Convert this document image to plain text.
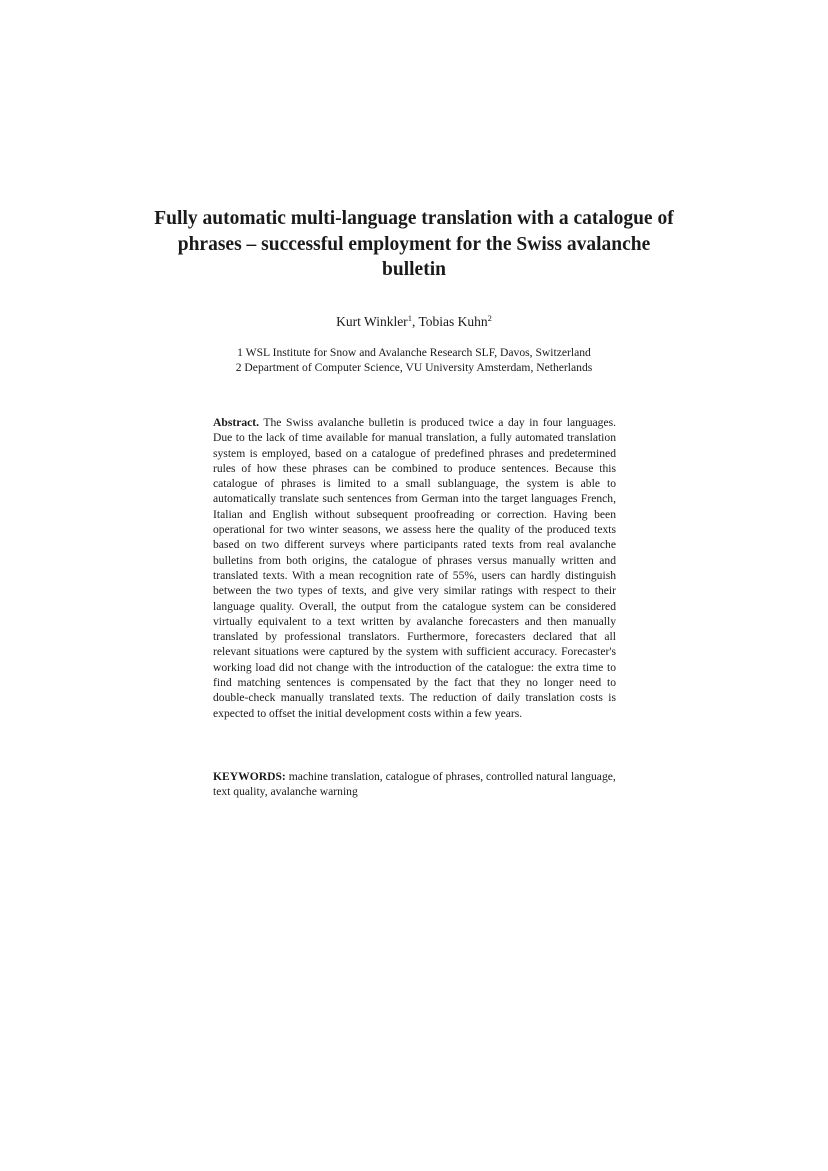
Fully automatic multi-language translation with a catalogue of phrases – successful employment for the Swiss avalanche bulletin
Kurt Winkler$^1$, Tobias Kuhn$^2$
1 WSL Institute for Snow and Avalanche Research SLF, Davos, Switzerland
2 Department of Computer Science, VU University Amsterdam, Netherlands

Abstract. The Swiss avalanche bulletin is produced twice a day in four languages. Due to the lack of time available for manual translation, a fully automated translation system is employed, based on a catalogue of predefined phrases and predetermined rules of how these phrases can be combined to produce sentences. Because this catalogue of phrases is limited to a small sublanguage, the system is able to automatically translate such sentences from German into the target languages French, Italian and English without subsequent proofreading or correction. Having been operational for two winter seasons, we assess here the quality of the produced texts based on two different surveys where participants rated texts from real avalanche bulletins from both origins, the catalogue of phrases versus manually written and translated texts. With a mean recognition rate of 55%, users can hardly distinguish between the two types of texts, and give very similar ratings with respect to their language quality. Overall, the output from the catalogue system can be considered virtually equivalent to a text written by avalanche forecasters and then manually translated by professional translators. Furthermore, forecasters declared that all relevant situations were captured by the system with sufficient accuracy. Forecaster's working load did not change with the introduction of the catalogue: the extra time to find matching sentences is compensated by the fact that they no longer need to double-check manually translated texts. The reduction of daily translation costs is expected to offset the initial development costs within a few years.

KEYWORDS: machine translation, catalogue of phrases, controlled natural language, text quality, avalanche warning
